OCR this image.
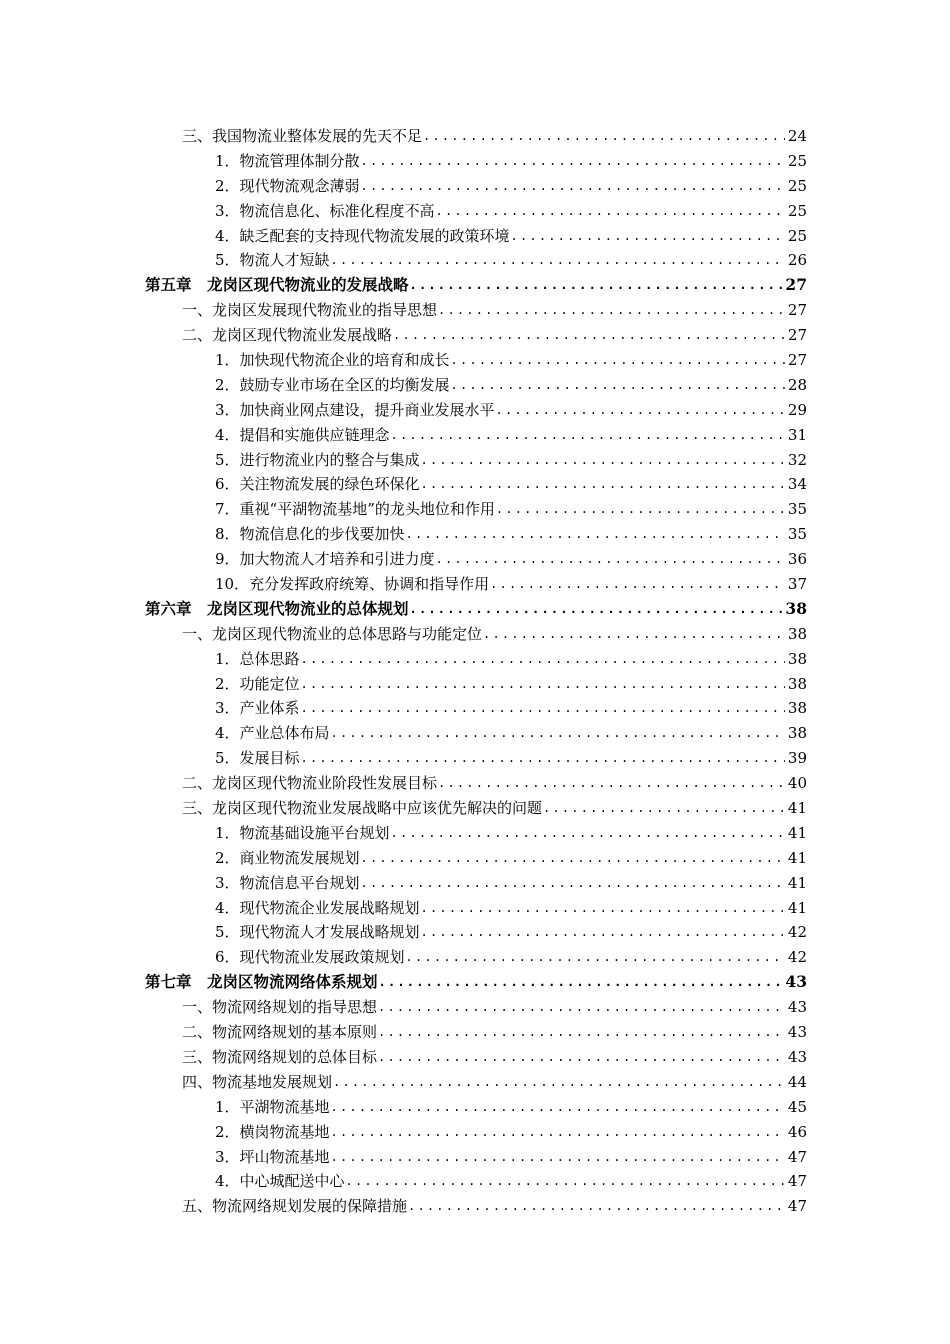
三、我国物流业整体发展的先天不足 .....	24
1．物流管理体制分散 .....	25
2．现代物流观念薄弱 .....	25
3．物流信息化、标准化程度不高 .....	25
4．缺乏配套的支持现代物流发展的政策环境 .....	25
5．物流人才短缺 .....	26
第五章　龙岗区现代物流业的发展战略 .....	27
一、龙岗区发展现代物流业的指导思想 .....	27
二、龙岗区现代物流业发展战略 .....	27
1．加快现代物流企业的培育和成长 .....	27
2．鼓励专业市场在全区的均衡发展 .....	28
3．加快商业网点建设，提升商业发展水平 .....	29
4．提倡和实施供应链理念 .....	31
5．进行物流业内的整合与集成 .....	32
6．关注物流发展的绿色环保化 .....	34
7．重视“平湖物流基地”的龙头地位和作用 .....	35
8．物流信息化的步伐要加快 .....	35
9．加大物流人才培养和引进力度 .....	36
10．充分发挥政府统筹、协调和指导作用 .....	37
第六章　龙岗区现代物流业的总体规划 .....	38
一、龙岗区现代物流业的总体思路与功能定位 .....	38
1．总体思路 .....	38
2．功能定位 .....	38
3．产业体系 .....	38
4．产业总体布局 .....	38
5．发展目标 .....	39
二、龙岗区现代物流业阶段性发展目标 .....	40
三、龙岗区现代物流业发展战略中应该优先解决的问题 .....	41
1．物流基础设施平台规划 .....	41
2．商业物流发展规划 .....	41
3．物流信息平台规划 .....	41
4．现代物流企业发展战略规划 .....	41
5．现代物流人才发展战略规划 .....	42
6．现代物流业发展政策规划 .....	42
第七章　龙岗区物流网络体系规划 .....	43
一、物流网络规划的指导思想 .....	43
二、物流网络规划的基本原则 .....	43
三、物流网络规划的总体目标 .....	43
四、物流基地发展规划 .....	44
1．平湖物流基地 .....	45
2．横岗物流基地 .....	46
3．坪山物流基地 .....	47
4．中心城配送中心 .....	47
五、物流网络规划发展的保障措施 .....	47
